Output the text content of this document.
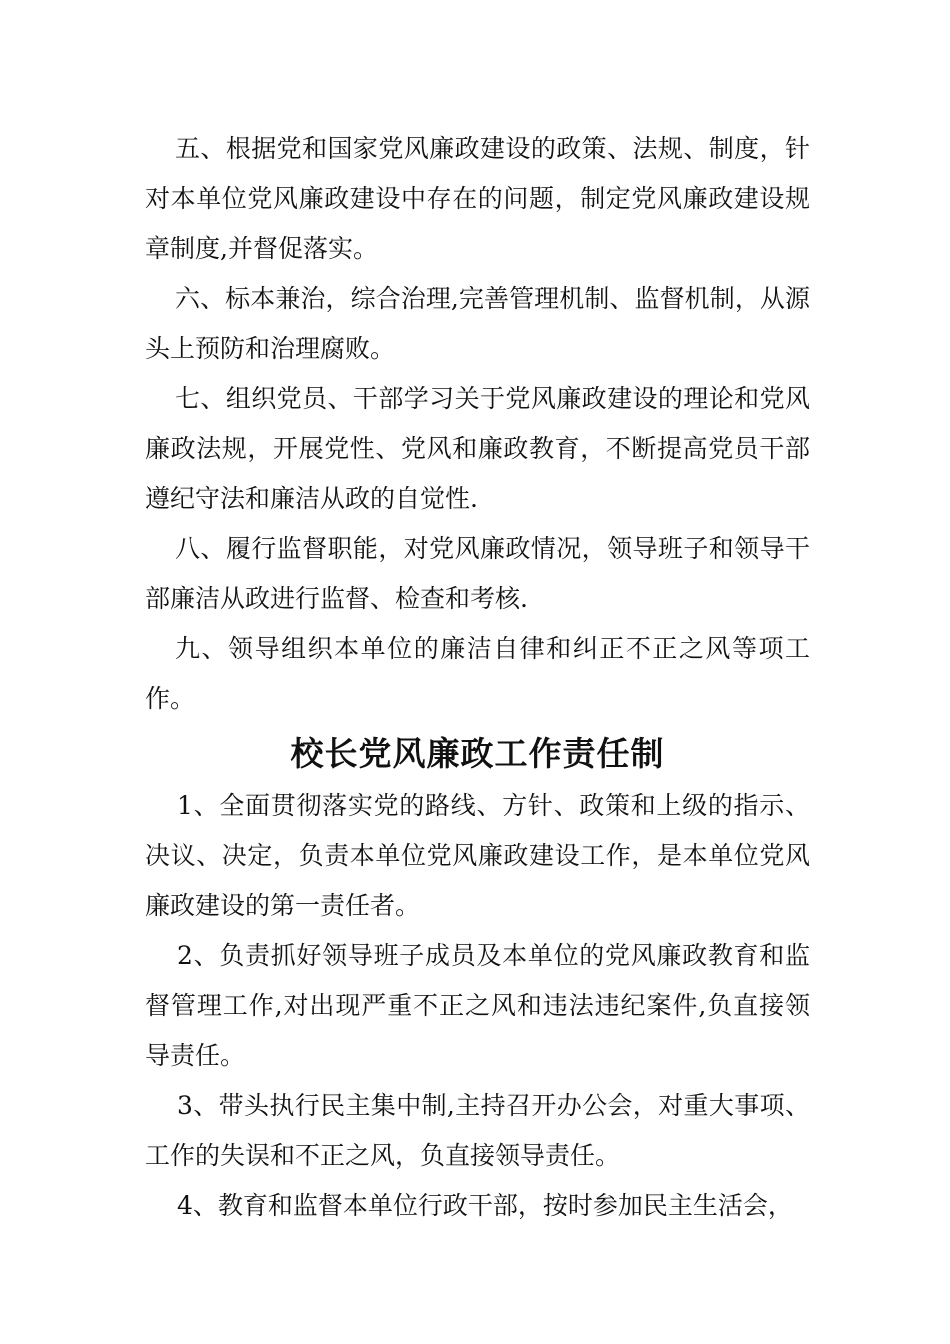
五、根据党和国家党风廉政建设的政策、法规、制度，针对本单位党风廉政建设中存在的问题，制定党风廉政建设规章制度,并督促落实。

六、标本兼治，综合治理,完善管理机制、监督机制，从源头上预防和治理腐败。

七、组织党员、干部学习关于党风廉政建设的理论和党风廉政法规，开展党性、党风和廉政教育，不断提高党员干部遵纪守法和廉洁从政的自觉性.

八、履行监督职能，对党风廉政情况，领导班子和领导干部廉洁从政进行监督、检查和考核.

九、领导组织本单位的廉洁自律和纠正不正之风等项工作。

校长党风廉政工作责任制

1、全面贯彻落实党的路线、方针、政策和上级的指示、决议、决定，负责本单位党风廉政建设工作，是本单位党风廉政建设的第一责任者。

2、负责抓好领导班子成员及本单位的党风廉政教育和监督管理工作,对出现严重不正之风和违法违纪案件,负直接领导责任。

3、带头执行民主集中制,主持召开办公会，对重大事项、工作的失误和不正之风，负直接领导责任。

4、教育和监督本单位行政干部，按时参加民主生活会，
